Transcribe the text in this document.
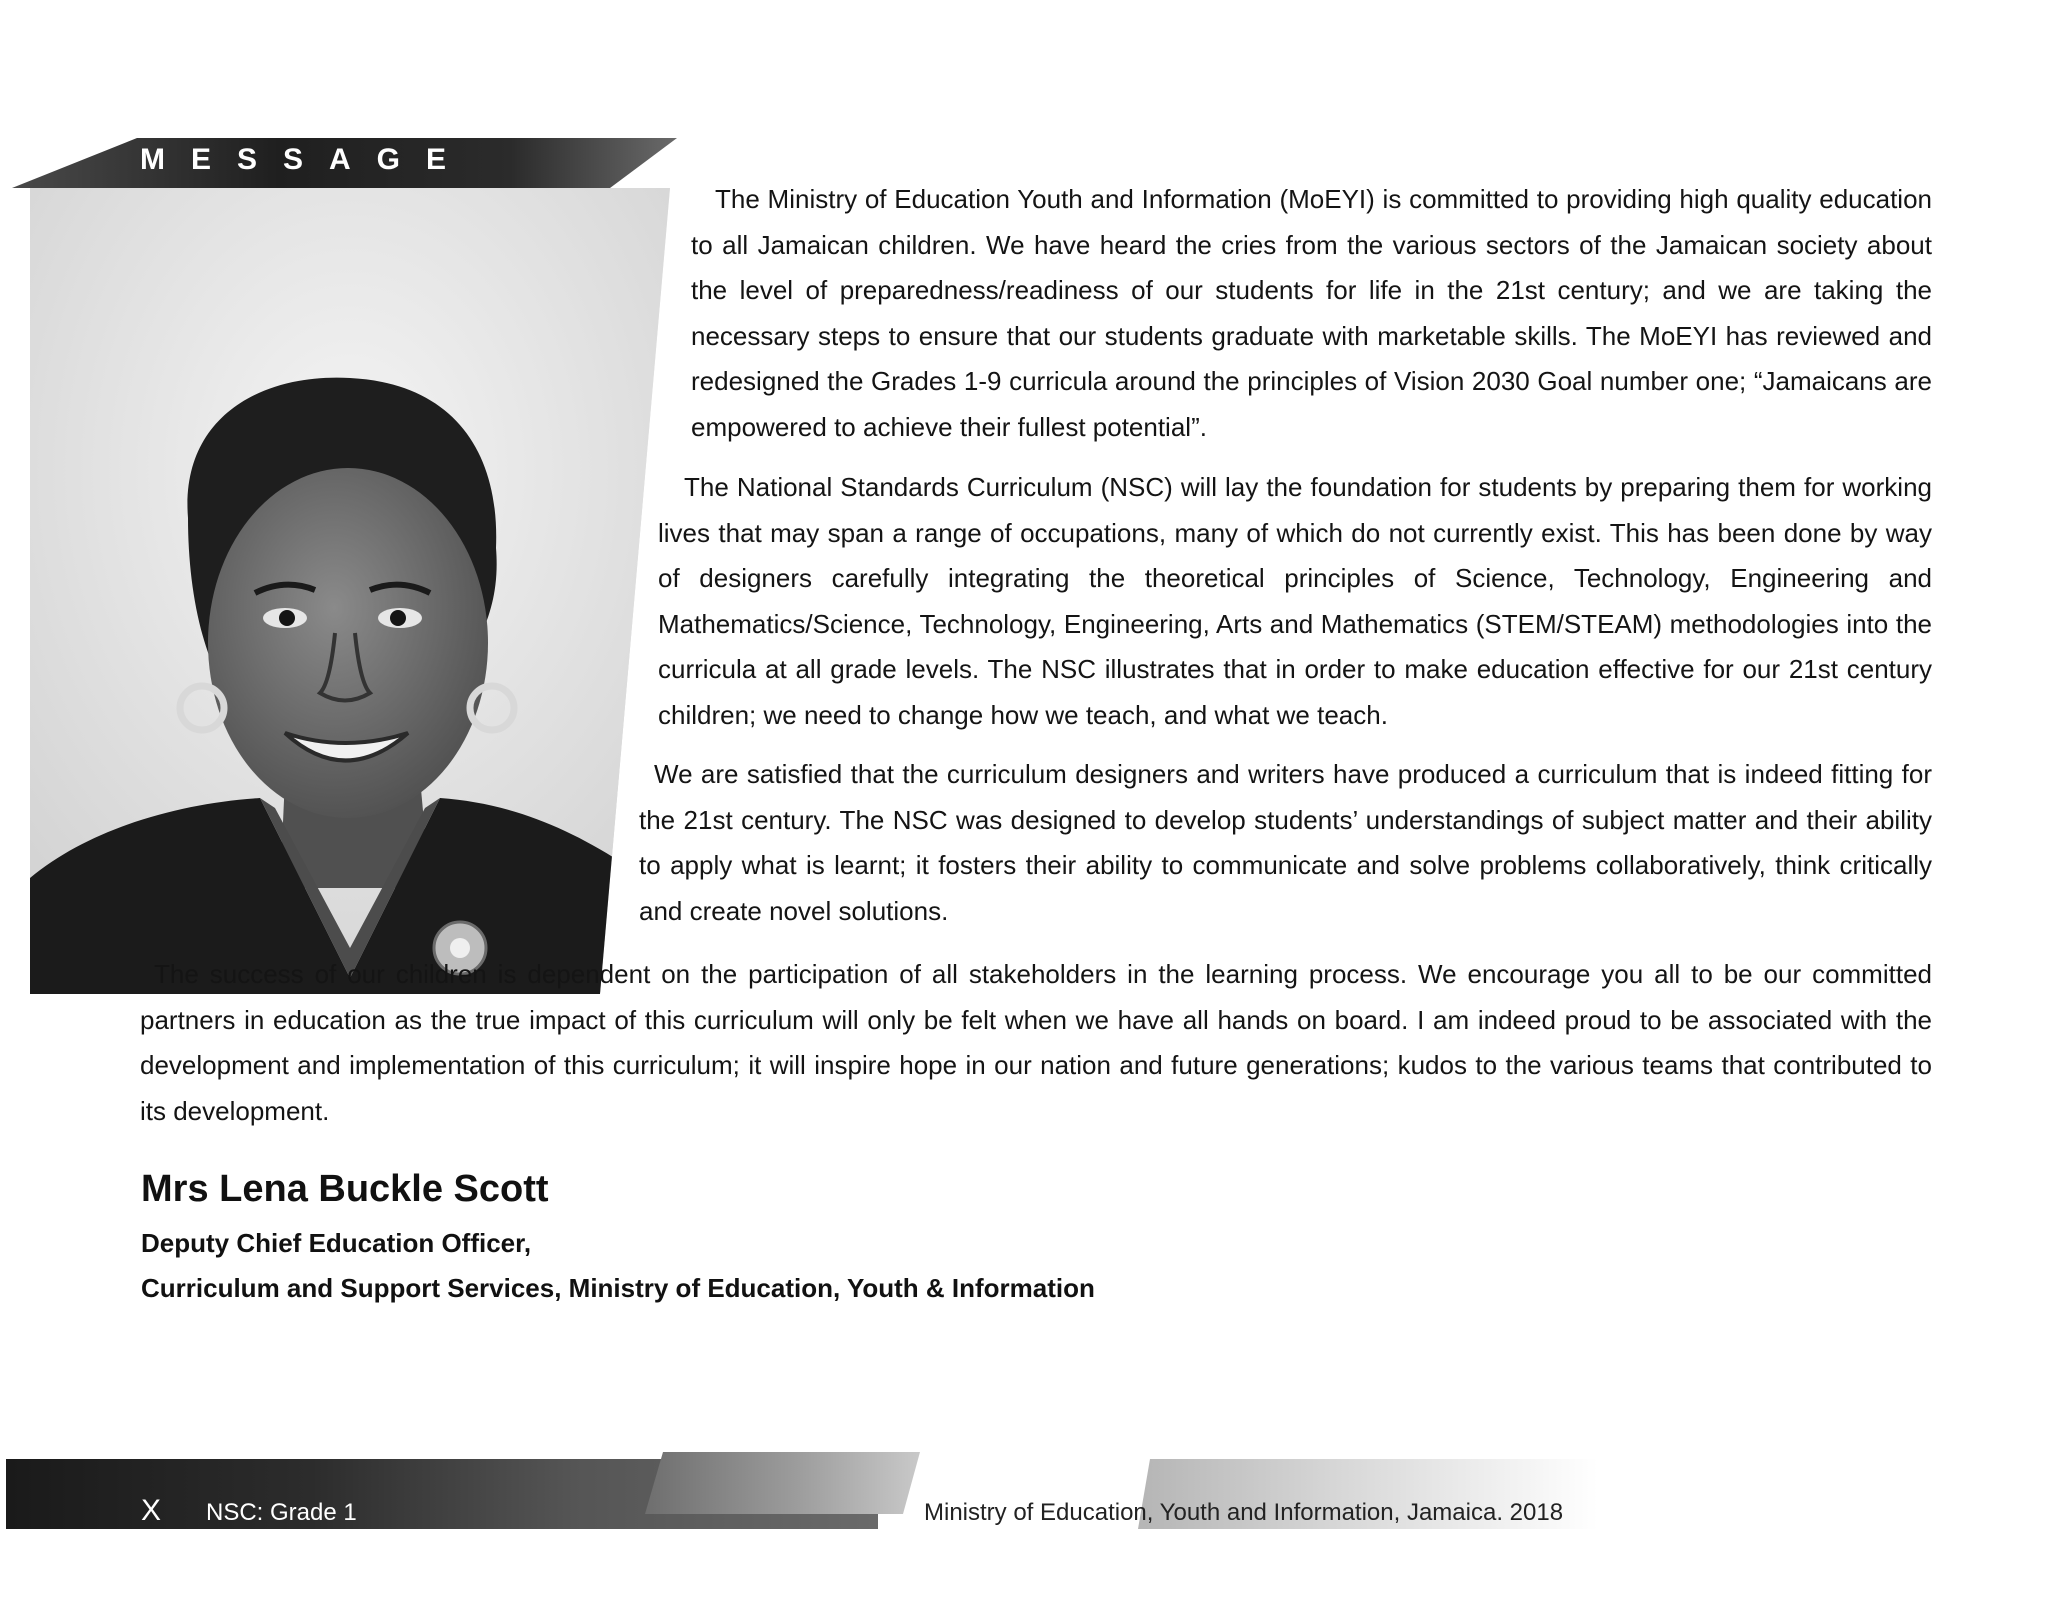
MESSAGE

The Ministry of Education Youth and Information (MoEYI) is committed to providing high quality education to all Jamaican children. We have heard the cries from the various sectors of the Jamaican society about the level of preparedness/readiness of our students for life in the 21st century; and we are taking the necessary steps to ensure that our students graduate with marketable skills. The MoEYI has reviewed and redesigned the Grades 1-9 curricula around the principles of Vision 2030 Goal number one; “Jamaicans are empowered to achieve their fullest potential”.

The National Standards Curriculum (NSC) will lay the foundation for students by preparing them for working lives that may span a range of occupations, many of which do not currently exist. This has been done by way of designers carefully integrating the theoretical principles of Science, Technology, Engineering and Mathematics/Science, Technology, Engineering, Arts and Mathematics (STEM/STEAM) methodologies into the curricula at all grade levels. The NSC illustrates that in order to make education effective for our 21st century children; we need to change how we teach, and what we teach.

We are satisfied that the curriculum designers and writers have produced a curriculum that is indeed fitting for the 21st century. The NSC was designed to develop students’ understandings of subject matter and their ability to apply what is learnt; it fosters their ability to communicate and solve problems collaboratively, think critically and create novel solutions.

The success of our children is dependent on the participation of all stakeholders in the learning process. We encourage you all to be our committed partners in education as the true impact of this curriculum will only be felt when we have all hands on board. I am indeed proud to be associated with the development and implementation of this curriculum; it will inspire hope in our nation and future generations; kudos to the various teams that contributed to its development.

Mrs Lena Buckle Scott

Deputy Chief Education Officer,

Curriculum and Support Services, Ministry of Education, Youth & Information

X NSC: Grade 1	Ministry of Education, Youth and Information, Jamaica. 2018
